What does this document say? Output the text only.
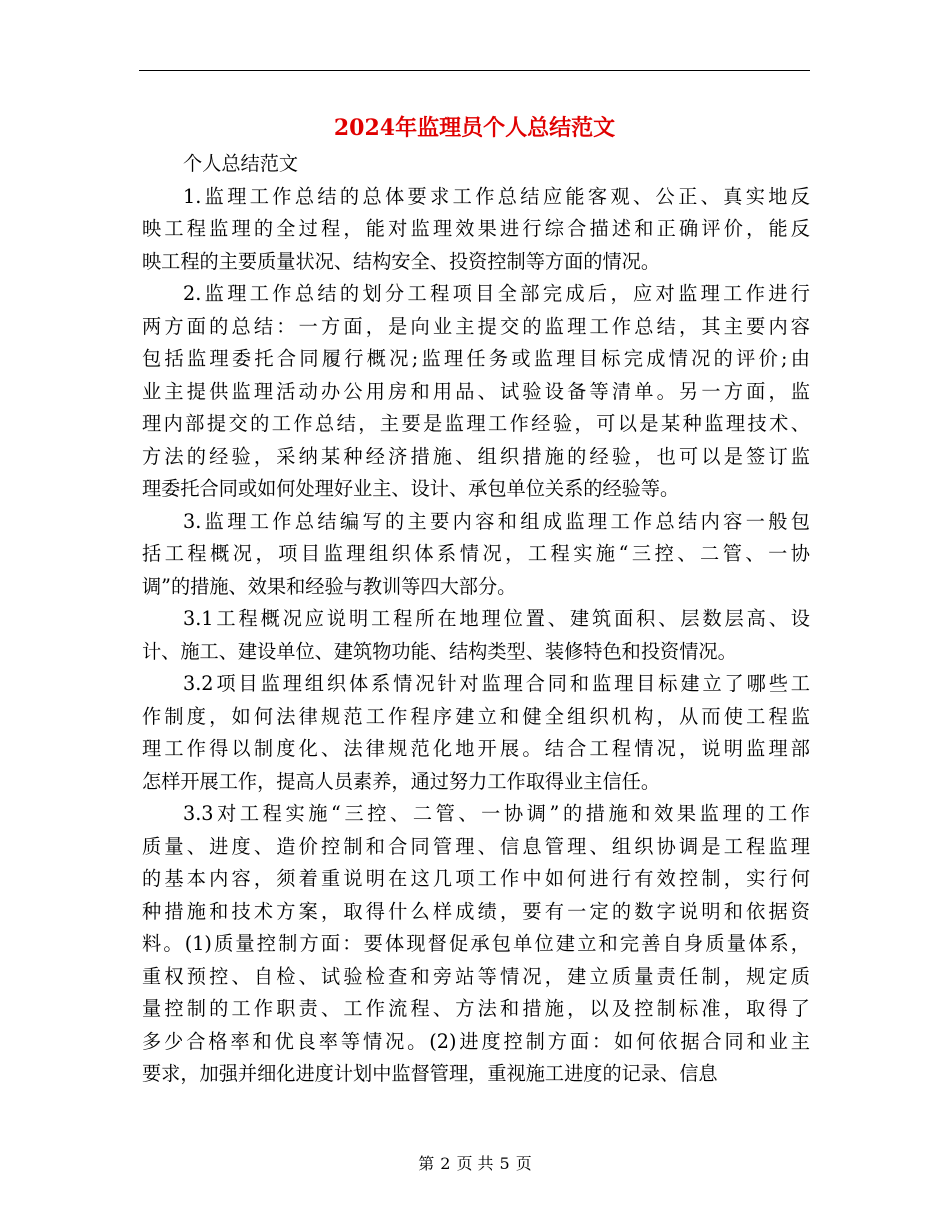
2024年监理员个人总结范文
个人总结范文
1.监理工作总结的总体要求工作总结应能客观、公正、真实地反
映工程监理的全过程，能对监理效果进行综合描述和正确评价，能反
映工程的主要质量状况、结构安全、投资控制等方面的情况。
2.监理工作总结的划分工程项目全部完成后，应对监理工作进行
两方面的总结：一方面，是向业主提交的监理工作总结，其主要内容
包括监理委托合同履行概况;监理任务或监理目标完成情况的评价;由
业主提供监理活动办公用房和用品、试验设备等清单。另一方面，监
理内部提交的工作总结，主要是监理工作经验，可以是某种监理技术、
方法的经验，采纳某种经济措施、组织措施的经验，也可以是签订监
理委托合同或如何处理好业主、设计、承包单位关系的经验等。
3.监理工作总结编写的主要内容和组成监理工作总结内容一般包
括工程概况，项目监理组织体系情况，工程实施“三控、二管、一协
调”的措施、效果和经验与教训等四大部分。
3.1工程概况应说明工程所在地理位置、建筑面积、层数层高、设
计、施工、建设单位、建筑物功能、结构类型、装修特色和投资情况。
3.2项目监理组织体系情况针对监理合同和监理目标建立了哪些工
作制度，如何法律规范工作程序建立和健全组织机构，从而使工程监
理工作得以制度化、法律规范化地开展。结合工程情况，说明监理部
怎样开展工作，提高人员素养，通过努力工作取得业主信任。
3.3对工程实施“三控、二管、一协调”的措施和效果监理的工作
质量、进度、造价控制和合同管理、信息管理、组织协调是工程监理
的基本内容，须着重说明在这几项工作中如何进行有效控制，实行何
种措施和技术方案，取得什么样成绩，要有一定的数字说明和依据资
料。(1)质量控制方面：要体现督促承包单位建立和完善自身质量体系，
重权预控、自检、试验检查和旁站等情况，建立质量责任制，规定质
量控制的工作职责、工作流程、方法和措施，以及控制标准，取得了
多少合格率和优良率等情况。(2)进度控制方面：如何依据合同和业主
要求，加强并细化进度计划中监督管理，重视施工进度的记录、信息
第 2 页 共 5 页
